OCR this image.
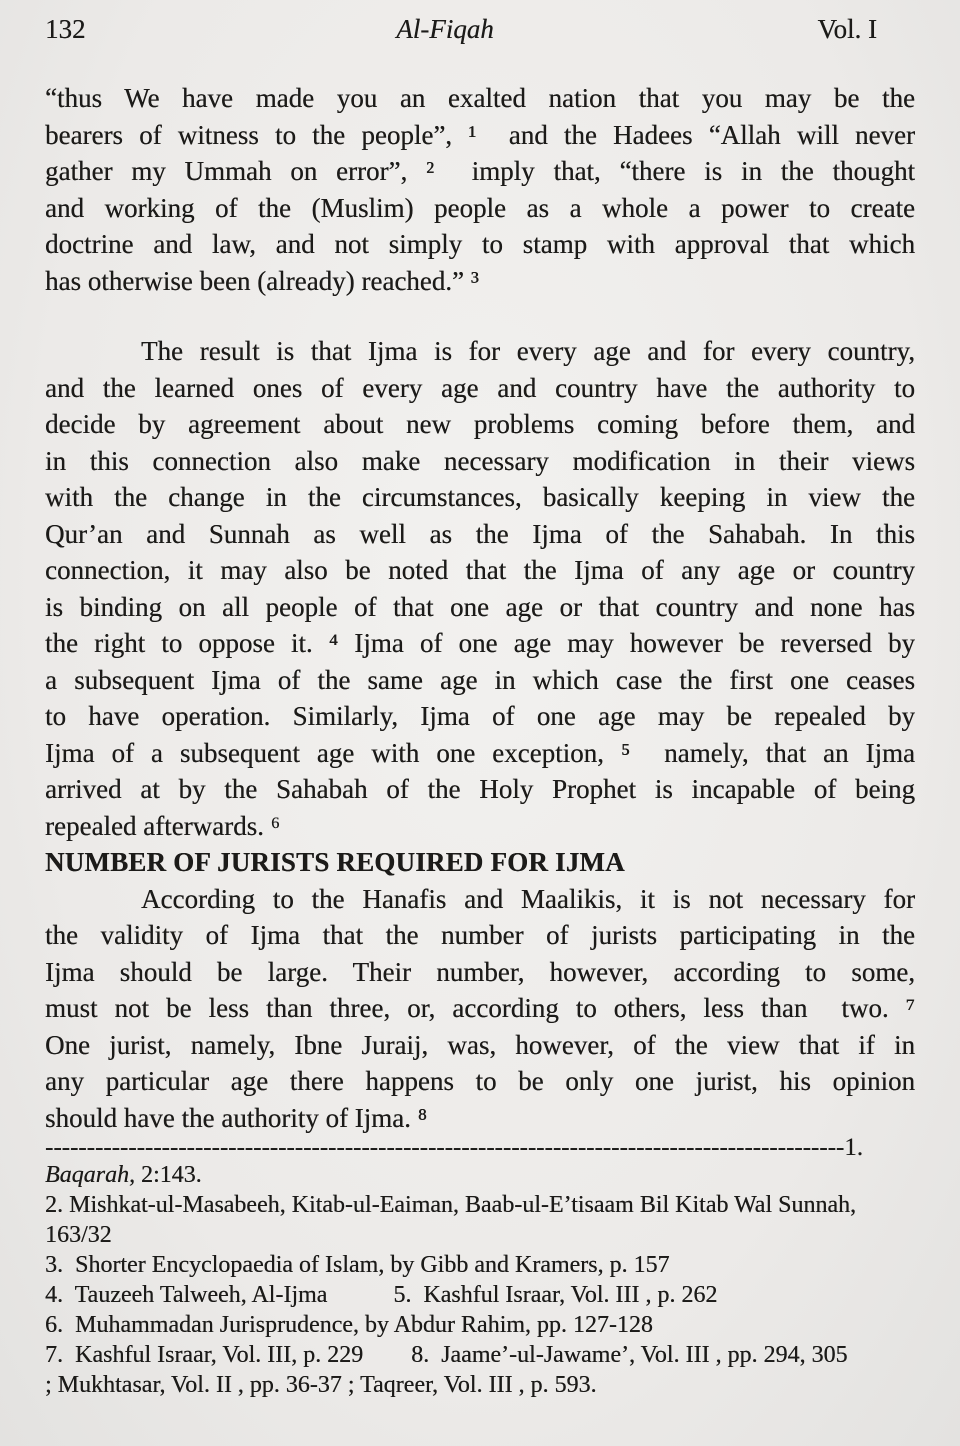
132	Al-Fiqah	Vol. I
“thus We have made you an exalted nation that you may be the
bearers of witness to the people”, ¹  and the Hadees “Allah will never
gather my Ummah on error”, ²  imply that, “there is in the thought
and working of the (Muslim) people as a whole a power to create
doctrine and law, and not simply to stamp with approval that which
has otherwise been (already) reached.” ³
The result is that Ijma is for every age and for every country,
and the learned ones of every age and country have the authority to
decide by agreement about new problems coming before them, and
in this connection also make necessary modification in their views
with the change in the circumstances, basically keeping in view the
Qur’an and Sunnah as well as the Ijma of the Sahabah. In this
connection, it may also be noted that the Ijma of any age or country
is binding on all people of that one age or that country and none has
the right to oppose it. ⁴ Ijma of one age may however be reversed by
a subsequent Ijma of the same age in which case the first one ceases
to have operation. Similarly, Ijma of one age may be repealed by
Ijma of a subsequent age with one exception, ⁵  namely, that an Ijma
arrived at by the Sahabah of the Holy Prophet is incapable of being
repealed afterwards. ⁶
NUMBER OF JURISTS REQUIRED FOR IJMA
According to the Hanafis and Maalikis, it is not necessary for
the validity of Ijma that the number of jurists participating in the
Ijma should be large. Their number, however, according to some,
must not be less than three, or, according to others, less than  two. ⁷
One jurist, namely, Ibne Juraij, was, however, of the view that if in
any particular age there happens to be only one jurist, his opinion
should have the authority of Ijma. ⁸
------------------------------------------------------------------------------------------------1.
Baqarah, 2:143.
2. Mishkat-ul-Masabeeh, Kitab-ul-Eaiman, Baab-ul-E’tisaam Bil Kitab Wal Sunnah,
163/32
3.  Shorter Encyclopaedia of Islam, by Gibb and Kramers, p. 157
4.  Tauzeeh Talweeh, Al-Ijma           5.  Kashful Israar, Vol. III , p. 262
6.  Muhammadan Jurisprudence, by Abdur Rahim, pp. 127-128
7.  Kashful Israar, Vol. III, p. 229        8.  Jaame’-ul-Jawame’, Vol. III , pp. 294, 305
; Mukhtasar, Vol. II , pp. 36-37 ; Taqreer, Vol. III , p. 593.
